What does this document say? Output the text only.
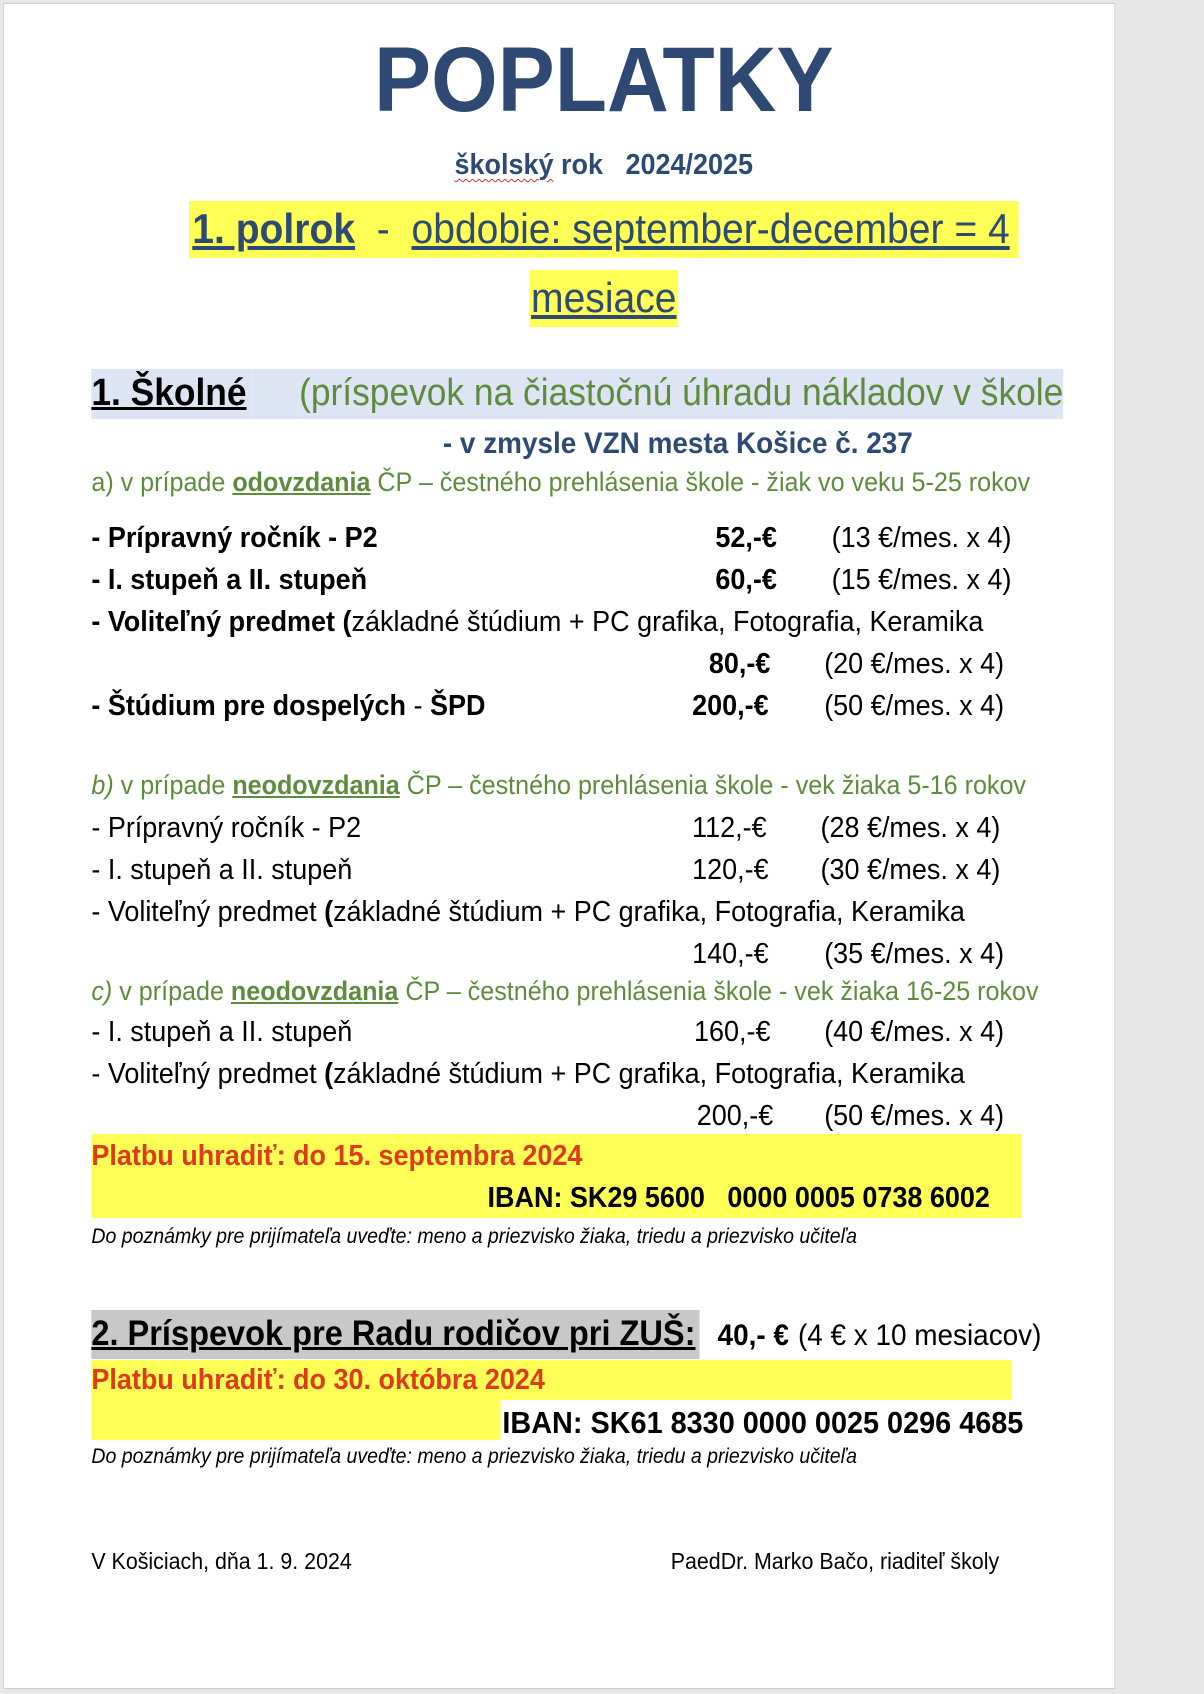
POPLATKY
školský rok 2024/2025
1. polrok - obdobie: september-december = 4
mesiace
1. Školné (príspevok na čiastočnú úhradu nákladov v škole
- v zmysle VZN mesta Košice č. 237
a) v prípade odovzdania ČP – čestného prehlásenia škole - žiak vo veku 5-25 rokov
- Prípravný ročník - P2	52,-€ (13 €/mes. x 4)
- I. stupeň a II. stupeň	60,-€ (15 €/mes. x 4)
- Voliteľný predmet (základné štúdium + PC grafika, Fotografia, Keramika
80,-€ (20 €/mes. x 4)
- Štúdium pre dospelých - ŠPD	200,-€ (50 €/mes. x 4)
b) v prípade neodovzdania ČP – čestného prehlásenia škole - vek žiaka 5-16 rokov
- Prípravný ročník - P2	112,-€ (28 €/mes. x 4)
- I. stupeň a II. stupeň	120,-€ (30 €/mes. x 4)
- Voliteľný predmet (základné štúdium + PC grafika, Fotografia, Keramika
140,-€ (35 €/mes. x 4)
c) v prípade neodovzdania ČP – čestného prehlásenia škole - vek žiaka 16-25 rokov
- I. stupeň a II. stupeň	160,-€ (40 €/mes. x 4)
- Voliteľný predmet (základné štúdium + PC grafika, Fotografia, Keramika
200,-€ (50 €/mes. x 4)
Platbu uhradiť: do 15. septembra 2024
IBAN: SK29 5600   0000 0005 0738 6002
Do poznámky pre prijímateľa uveďte: meno a priezvisko žiaka, triedu a priezvisko učiteľa
2. Príspevok pre Radu rodičov pri ZUŠ: 40,- € (4 € x 10 mesiacov)
Platbu uhradiť: do 30. októbra 2024
IBAN: SK61 8330 0000 0025 0296 4685
Do poznámky pre prijímateľa uveďte: meno a priezvisko žiaka, triedu a priezvisko učiteľa
V Košiciach, dňa 1. 9. 2024	PaedDr. Marko Bačo, riaditeľ školy
